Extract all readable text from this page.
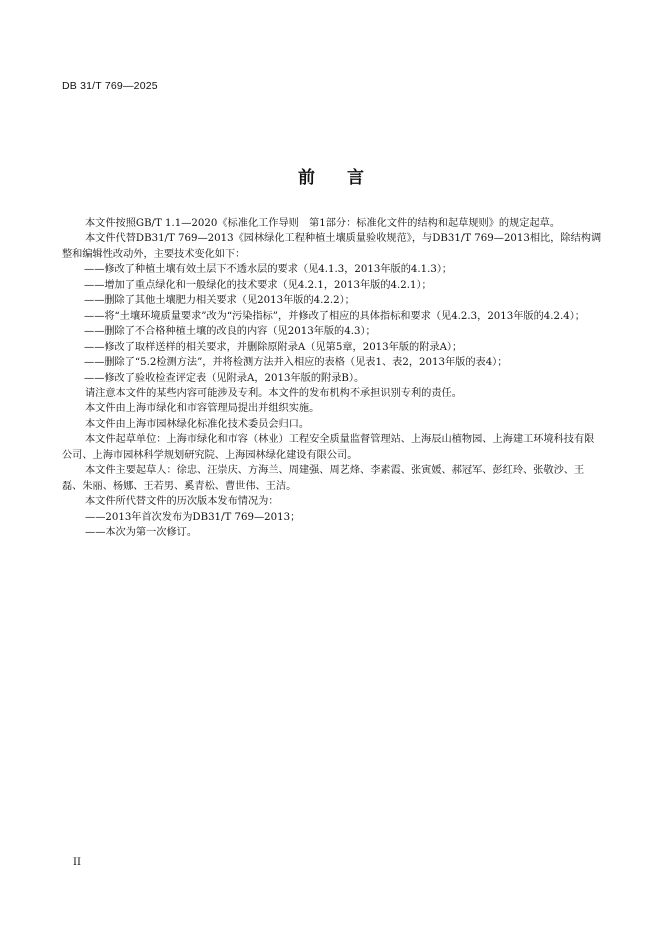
DB 31/T 769—2025
前言

本文件按照GB/T 1.1—2020《标准化工作导则　第1部分：标准化文件的结构和起草规则》的规定起草。

本文件代替DB31/T 769—2013《园林绿化工程种植土壤质量验收规范》，与DB31/T 769—2013相比，除结构调整和编辑性改动外，主要技术变化如下：

——修改了种植土壤有效土层下不透水层的要求（见4.1.3，2013年版的4.1.3）；

——增加了重点绿化和一般绿化的技术要求（见4.2.1，2013年版的4.2.1）；

——删除了其他土壤肥力相关要求（见2013年版的4.2.2）；

——将“土壤环境质量要求”改为“污染指标”，并修改了相应的具体指标和要求（见4.2.3，2013年版的4.2.4）；

——删除了不合格种植土壤的改良的内容（见2013年版的4.3）；

——修改了取样送样的相关要求，并删除原附录A（见第5章，2013年版的附录A）；

——删除了“5.2检测方法”，并将检测方法并入相应的表格（见表1、表2，2013年版的表4）；

——修改了验收检查评定表（见附录A，2013年版的附录B）。

请注意本文件的某些内容可能涉及专利。本文件的发布机构不承担识别专利的责任。

本文件由上海市绿化和市容管理局提出并组织实施。

本文件由上海市园林绿化标准化技术委员会归口。

本文件起草单位：上海市绿化和市容（林业）工程安全质量监督管理站、上海辰山植物园、上海建工环境科技有限公司、上海市园林科学规划研究院、上海园林绿化建设有限公司。

本文件主要起草人：徐忠、汪崇庆、方海兰、周建强、周艺烽、李素霞、张寅媛、郝冠军、彭红玲、张敬沙、王磊、朱丽、杨娜、王若男、奚青松、曹世伟、王洁。

本文件所代替文件的历次版本发布情况为：

——2013年首次发布为DB31/T 769—2013；

——本次为第一次修订。

II
